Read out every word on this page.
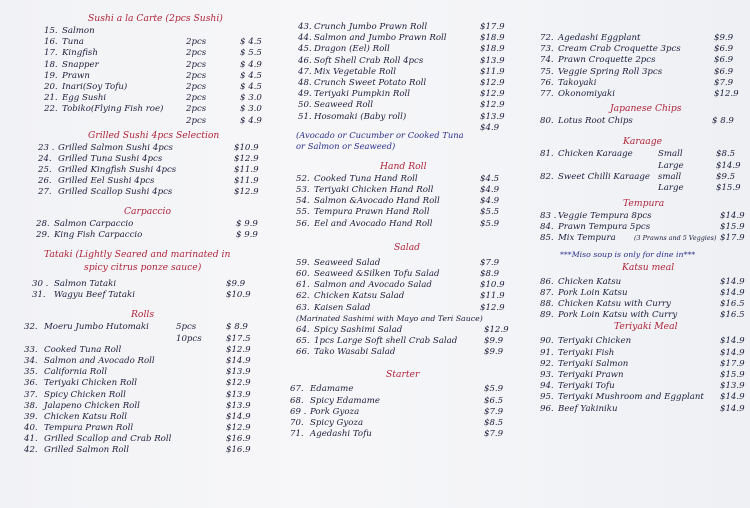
Sushi a la Carte (2pcs Sushi)
15. Salmon
16. Tuna	2pcs	$ 4.5
17. Kingfish	2pcs	$ 5.5
18. Snapper	2pcs	$ 4.9
19. Prawn	2pcs	$ 4.5
20. Inari(Soy Tofu)	2pcs	$ 4.5
21. Egg Sushi	2pcs	$ 3.0
22. Tobiko(Flying Fish roe)	2pcs	$ 3.0
2pcs	$ 4.9
Grilled Sushi 4pcs Selection
23 . Grilled Salmon Sushi 4pcs	$10.9
24. Grilled Tuna Sushi 4pcs	$12.9
25. Grilled Kingfish Sushi 4pcs	$11.9
26. Grilled Eel Sushi 4pcs	$11.9
27. Grilled Scallop Sushi 4pcs	$12.9
Carpaccio
28. Salmon Carpaccio	$ 9.9
29. King Fish Carpaccio	$ 9.9
Tataki (Lightly Seared and marinated in
spicy citrus ponze sauce)
30 . Salmon Tataki	$9.9
31. Wagyu Beef Tataki	$10.9
Rolls
32. Moeru Jumbo Hutomaki	5pcs	$ 8.9
10pcs	$17.5
33. Cooked Tuna Roll	$12.9
34. Salmon and Avocado Roll	$14.9
35. California Roll	$13.9
36. Teriyaki Chicken Roll	$12.9
37. Spicy Chicken Roll	$13.9
38. Jalapeno Chicken Roll	$13.9
39. Chicken Katsu Roll	$14.9
40. Tempura Prawn Roll	$12.9
41. Grilled Scallop and Crab Roll	$16.9
42. Grilled Salmon Roll	$16.9
43. Crunch Jumbo Prawn Roll	$17.9
44. Salmon and Jumbo Prawn Roll	$18.9
45. Dragon (Eel) Roll	$18.9
46. Soft Shell Crab Roll 4pcs	$13.9
47. Mix Vegetable Roll	$11.9
48. Crunch Sweet Potato Roll	$12.9
49. Teriyaki Pumpkin Roll	$12.9
50. Seaweed Roll	$12.9
51. Hosomaki (Baby roll)	$13.9
$4.9
(Avocado or Cucumber or Cooked Tuna
or Salmon or Seaweed)
Hand Roll
52. Cooked Tuna Hand Roll	$4.5
53. Teriyaki Chicken Hand Roll	$4.9
54. Salmon &Avocado Hand Roll	$4.9
55. Tempura Prawn Hand Roll	$5.5
56. Eel and Avocado Hand Roll	$5.9
Salad
59. Seaweed Salad	$7.9
60. Seaweed &Silken Tofu Salad	$8.9
61. Salmon and Avocado Salad	$10.9
62. Chicken Katsu Salad	$11.9
63. Kaisen Salad	$12.9
(Marinated Sashimi with Mayo and Teri Sauce)
64. Spicy Sashimi Salad	$12.9
65. 1pcs Large Soft shell Crab Salad	$9.9
66. Tako Wasabi Salad	$9.9
Starter
67. Edamame	$5.9
68. Spicy Edamame	$6.5
69 . Pork Gyoza	$7.9
70. Spicy Gyoza	$8.5
71. Agedashi Tofu	$7.9
72. Agedashi Eggplant	$9.9
73. Cream Crab Croquette 3pcs	$6.9
74. Prawn Croquette 2pcs	$6.9
75. Veggie Spring Roll 3pcs	$6.9
76. Takoyaki	$7.9
77. Okonomiyaki	$12.9
Japanese Chips
80. Lotus Root Chips	$ 8.9
Karaage
81. Chicken Karaage	Small	$8.5
Large	$14.9
82. Sweet Chilli Karaage small	$9.5
Large	$15.9
Tempura
83 . Veggie Tempura 8pcs	$14.9
84. Prawn Tempura 5pcs	$15.9
85. Mix Tempura	(3 Prawns and 5 Veggies) $17.9
***Miso soup is only for dine in***
Katsu meal
86. Chicken Katsu	$14.9
87. Pork Loin Katsu	$14.9
88. Chicken Katsu with Curry	$16.5
89. Pork Loin Katsu with Curry	$16.5
Teriyaki Meal
90. Teriyaki Chicken	$14.9
91. Teriyaki Fish	$14.9
92. Teriyaki Salmon	$17.9
93. Teriyaki Prawn	$15.9
94. Teriyaki Tofu	$13.9
95. Teriyaki Mushroom and Eggplant $14.9
96. Beef Yakiniku	$14.9
